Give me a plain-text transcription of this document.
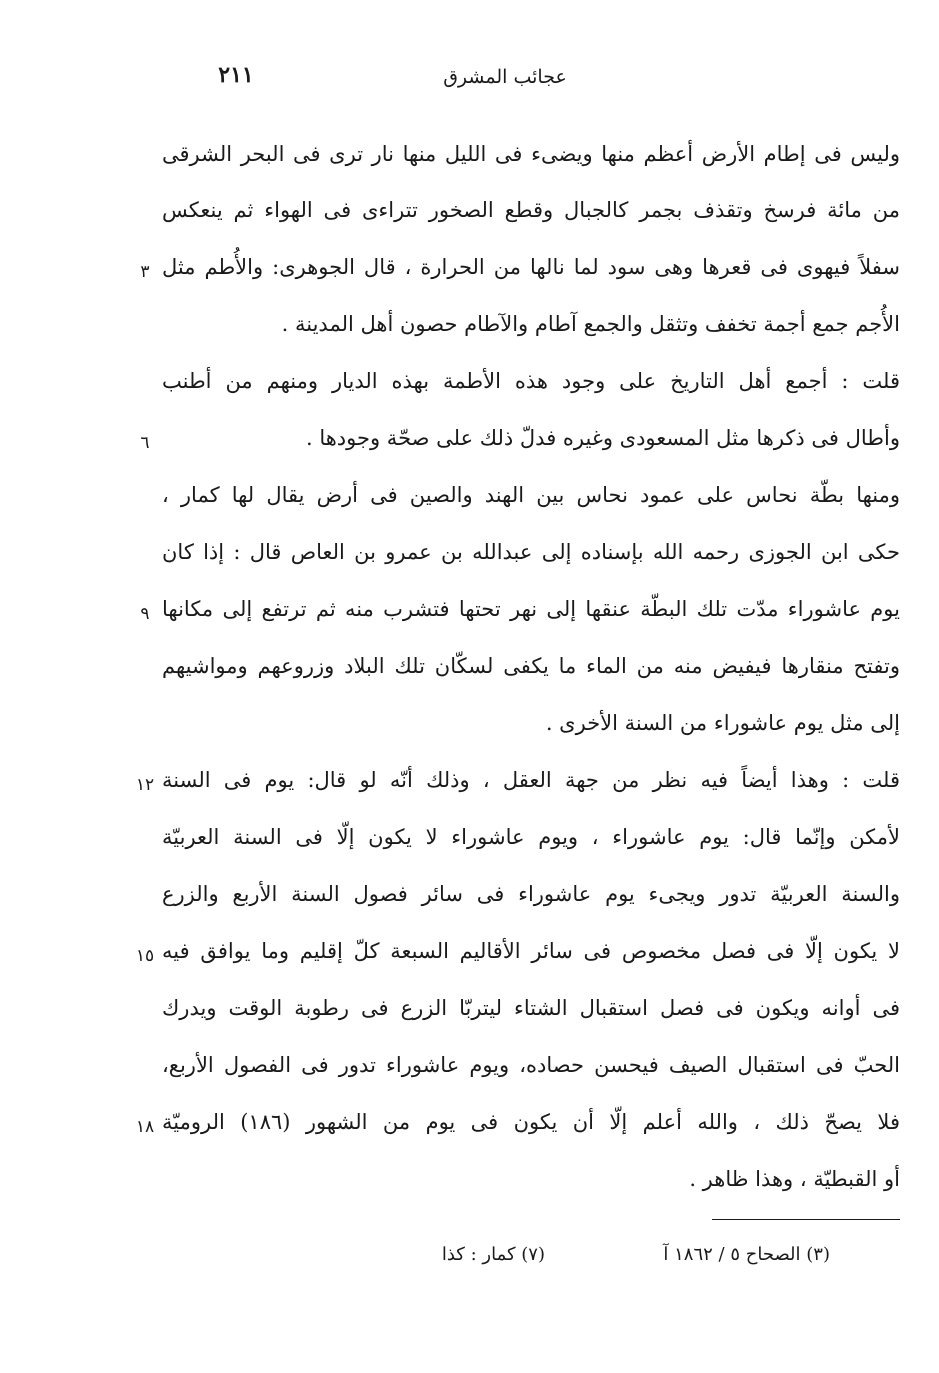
عجائب المشرق
٢١١
وليس فى إطام الأرض أعظم منها ويضىء فى الليل منها نار ترى فى البحر الشرقى
من مائة فرسخ وتقذف بجمر كالجبال وقطع الصخور تتراءى فى الهواء ثم ينعكس
سفلاً فيهوى فى قعرها وهى سود لما نالها من الحرارة ، قال الجوهرى: والأُطم مثل
الأُجم جمع أجمة تخفف وتثقل والجمع آطام والآطام حصون أهل المدينة .
قلت : أجمع أهل التاريخ على وجود هذه الأطمة بهذه الديار ومنهم من أطنب
وأطال فى ذكرها مثل المسعودى وغيره فدلّ ذلك على صحّة وجودها .
ومنها بطّة نحاس على عمود نحاس بين الهند والصين فى أرض يقال لها كمار ،
حكى ابن الجوزى رحمه الله بإسناده إلى عبدالله بن عمرو بن العاص قال : إذا كان
يوم عاشوراء مدّت تلك البطّة عنقها إلى نهر تحتها فتشرب منه ثم ترتفع إلى مكانها
وتفتح منقارها فيفيض منه من الماء ما يكفى لسكّان تلك البلاد وزروعهم ومواشيهم
إلى مثل يوم عاشوراء من السنة الأخرى .
قلت : وهذا أيضاً فيه نظر من جهة العقل ، وذلك أنّه لو قال: يوم فى السنة
لأمكن وإنّما قال: يوم عاشوراء ، ويوم عاشوراء لا يكون إلّا فى السنة العربيّة
والسنة العربيّة تدور ويجىء يوم عاشوراء فى سائر فصول السنة الأربع والزرع
لا يكون إلّا فى فصل مخصوص فى سائر الأقاليم السبعة كلّ إقليم وما يوافق فيه
فى أوانه ويكون فى فصل استقبال الشتاء ليتربّا الزرع فى رطوبة الوقت ويدرك
الحبّ فى استقبال الصيف فيحسن حصاده، ويوم عاشوراء تدور فى الفصول الأربع،
فلا يصحّ ذلك ، والله أعلم إلّا أن يكون فى يوم من الشهور (١٨٦) الروميّة
أو القبطيّة ، وهذا ظاهر .
٣
٦
٩
١٢
١٥
١٨
(٣) الصحاح ٥ / ١٨٦٢ آ
(٧) كمار : كذا
